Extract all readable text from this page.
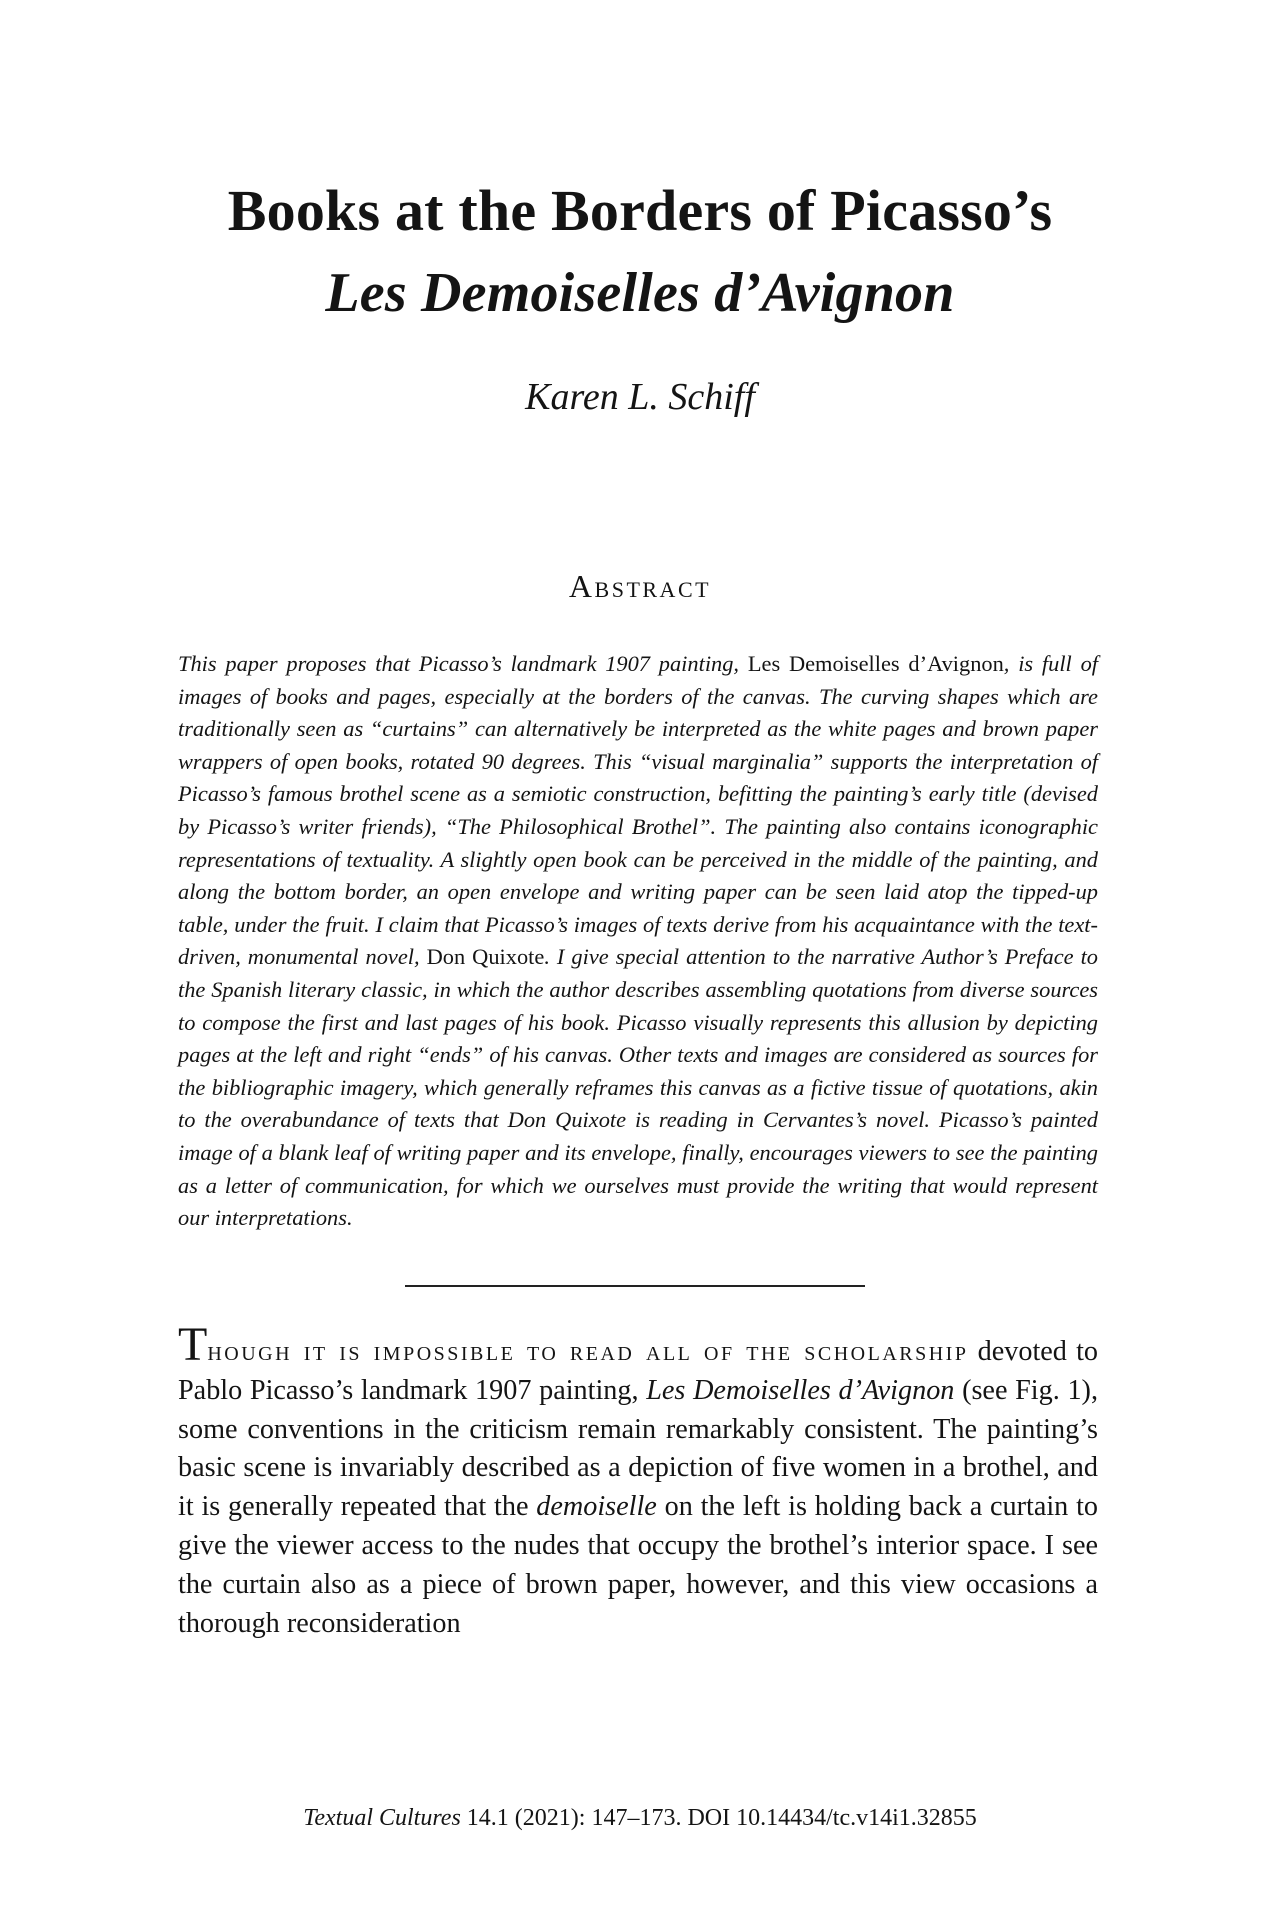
Books at the Borders of Picasso’s
Les Demoiselles d’Avignon
Karen L. Schiff
Abstract

This paper proposes that Picasso’s landmark 1907 painting, Les Demoiselles d’Avignon, is full of images of books and pages, especially at the borders of the canvas. The curving shapes which are traditionally seen as “curtains” can alternatively be interpreted as the white pages and brown paper wrappers of open books, rotated 90 degrees. This “visual marginalia” supports the interpretation of Picasso’s famous brothel scene as a semiotic construction, befitting the painting’s early title (devised by Picasso’s writer friends), “The Philosophical Brothel”. The painting also contains iconographic representations of textuality. A slightly open book can be perceived in the middle of the painting, and along the bottom border, an open envelope and writing paper can be seen laid atop the tipped-up table, under the fruit. I claim that Picasso’s images of texts derive from his acquaintance with the text-driven, monumental novel, Don Quixote. I give special attention to the narrative Author’s Preface to the Spanish literary classic, in which the author describes assembling quotations from diverse sources to compose the first and last pages of his book. Picasso visually represents this allusion by depicting pages at the left and right “ends” of his canvas. Other texts and images are considered as sources for the bibliographic imagery, which generally reframes this canvas as a fictive tissue of quotations, akin to the overabundance of texts that Don Quixote is reading in Cervantes’s novel. Picasso’s painted image of a blank leaf of writing paper and its envelope, finally, encourages viewers to see the painting as a letter of communication, for which we ourselves must provide the writing that would represent our interpretations.

Though it is impossible to read all of the scholarship devoted to Pablo Picasso’s landmark 1907 painting, Les Demoiselles d’Avignon (see Fig. 1), some conventions in the criticism remain remarkably consistent. The painting’s basic scene is invariably described as a depiction of five women in a brothel, and it is generally repeated that the demoiselle on the left is holding back a curtain to give the viewer access to the nudes that occupy the brothel’s interior space. I see the curtain also as a piece of brown paper, however, and this view occasions a thorough reconsideration

Textual Cultures 14.1 (2021): 147–173. DOI 10.14434/tc.v14i1.32855
